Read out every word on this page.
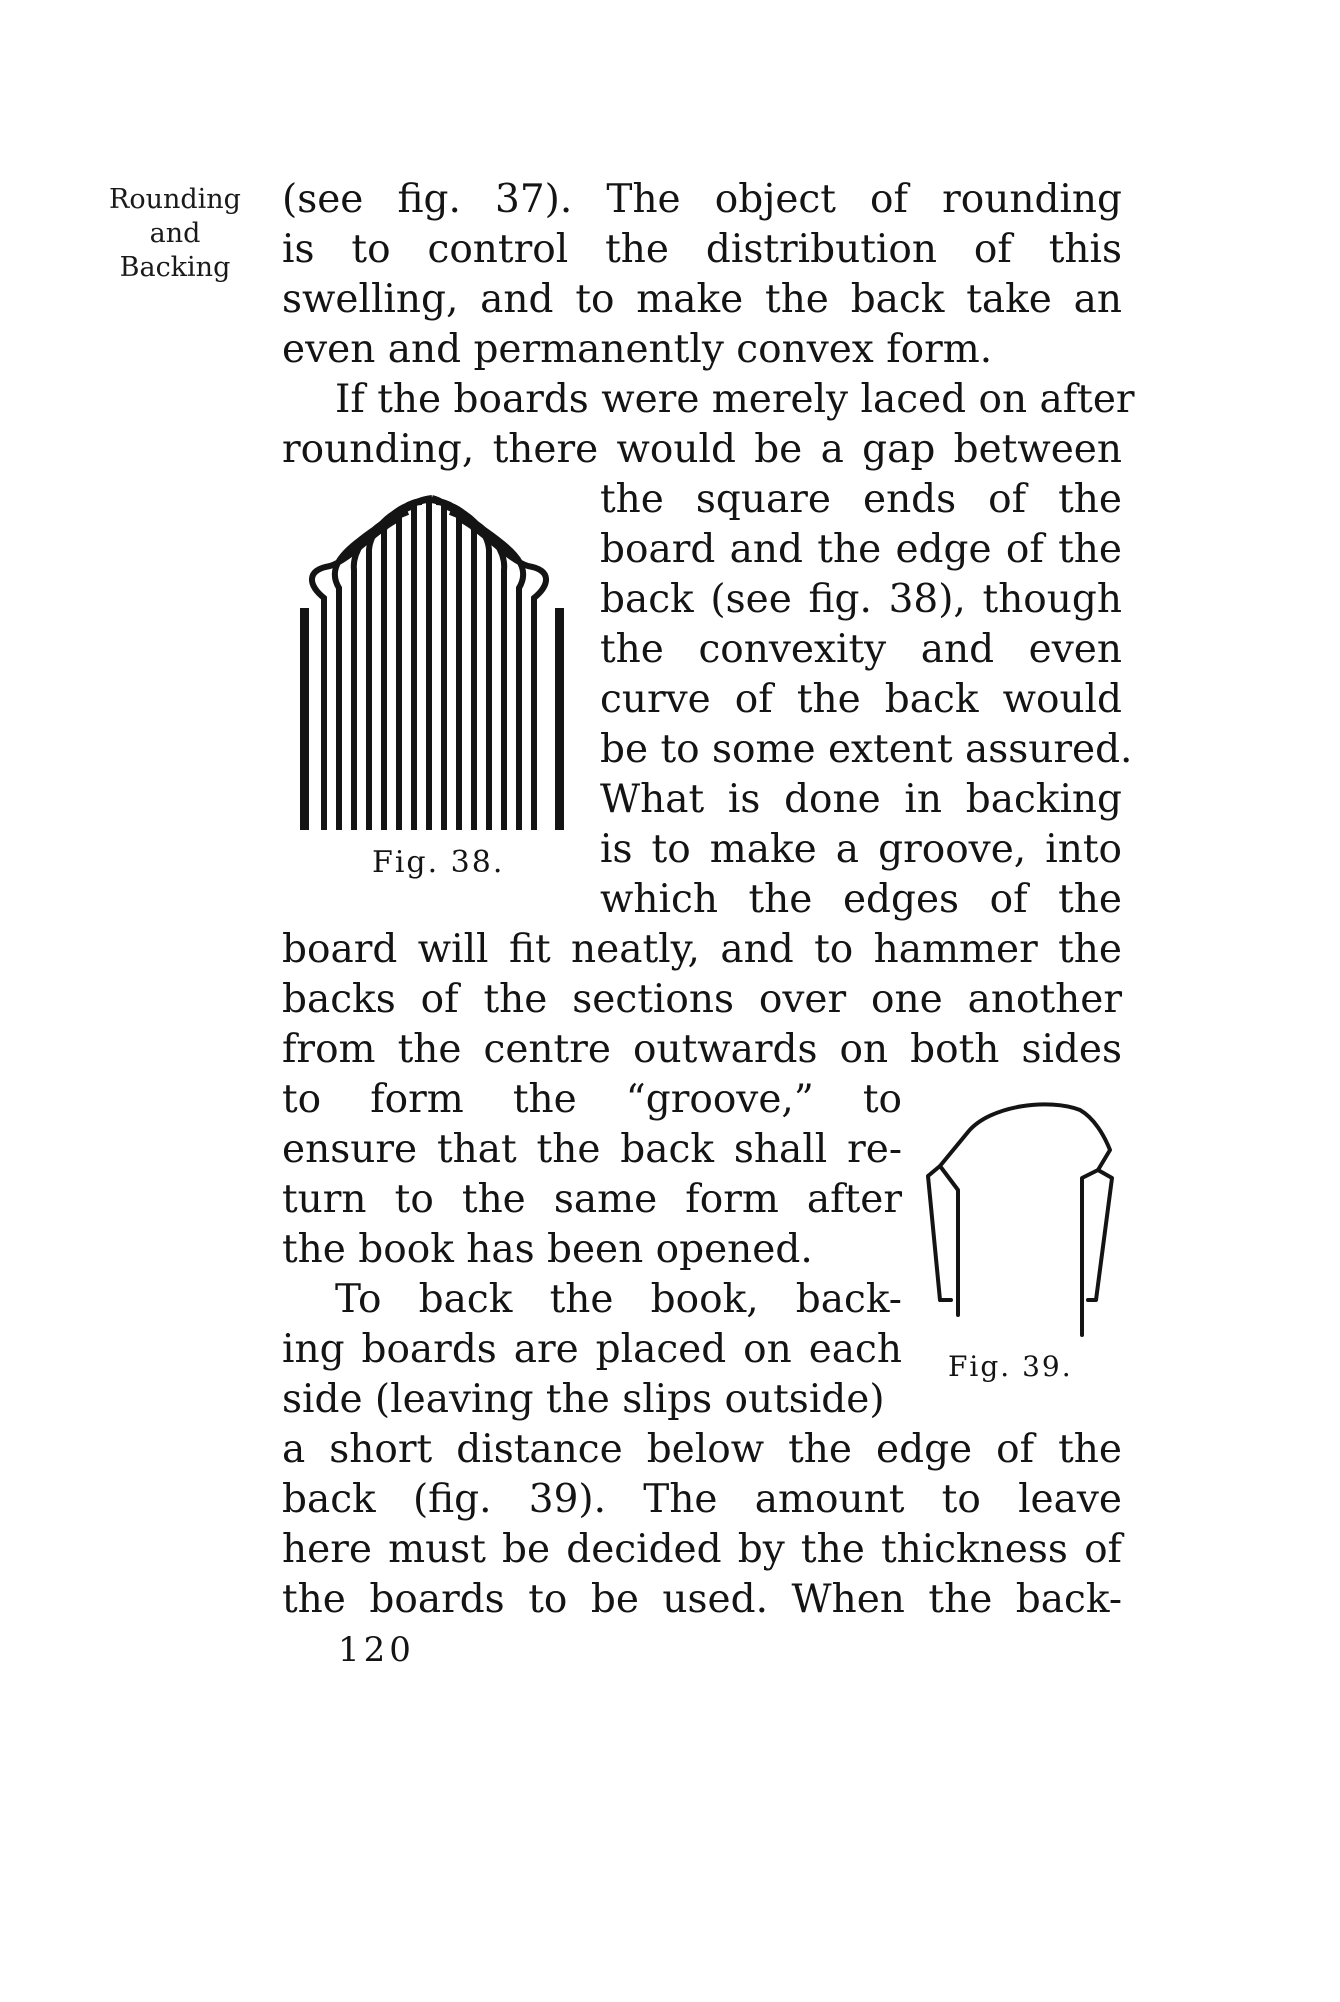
Rounding
and
Backing
(see fig. 37). The object of rounding
is to control the distribution of this
swelling, and to make the back take an
even and permanently convex form.
If the boards were merely laced on after
rounding, there would be a gap between
the square ends of the
board and the edge of the
back (see fig. 38), though
the convexity and even
curve of the back would
be to some extent assured.
What is done in backing
is to make a groove, into
which the edges of the
board will fit neatly, and to hammer the
backs of the sections over one another
from the centre outwards on both sides
to form the “groove,” to
ensure that the back shall re-
turn to the same form after
the book has been opened.
To back the book, back-
ing boards are placed on each
side (leaving the slips outside)
a short distance below the edge of the
back (fig. 39). The amount to leave
here must be decided by the thickness of
the boards to be used. When the back-
Fig. 38.
Fig. 39.
120
